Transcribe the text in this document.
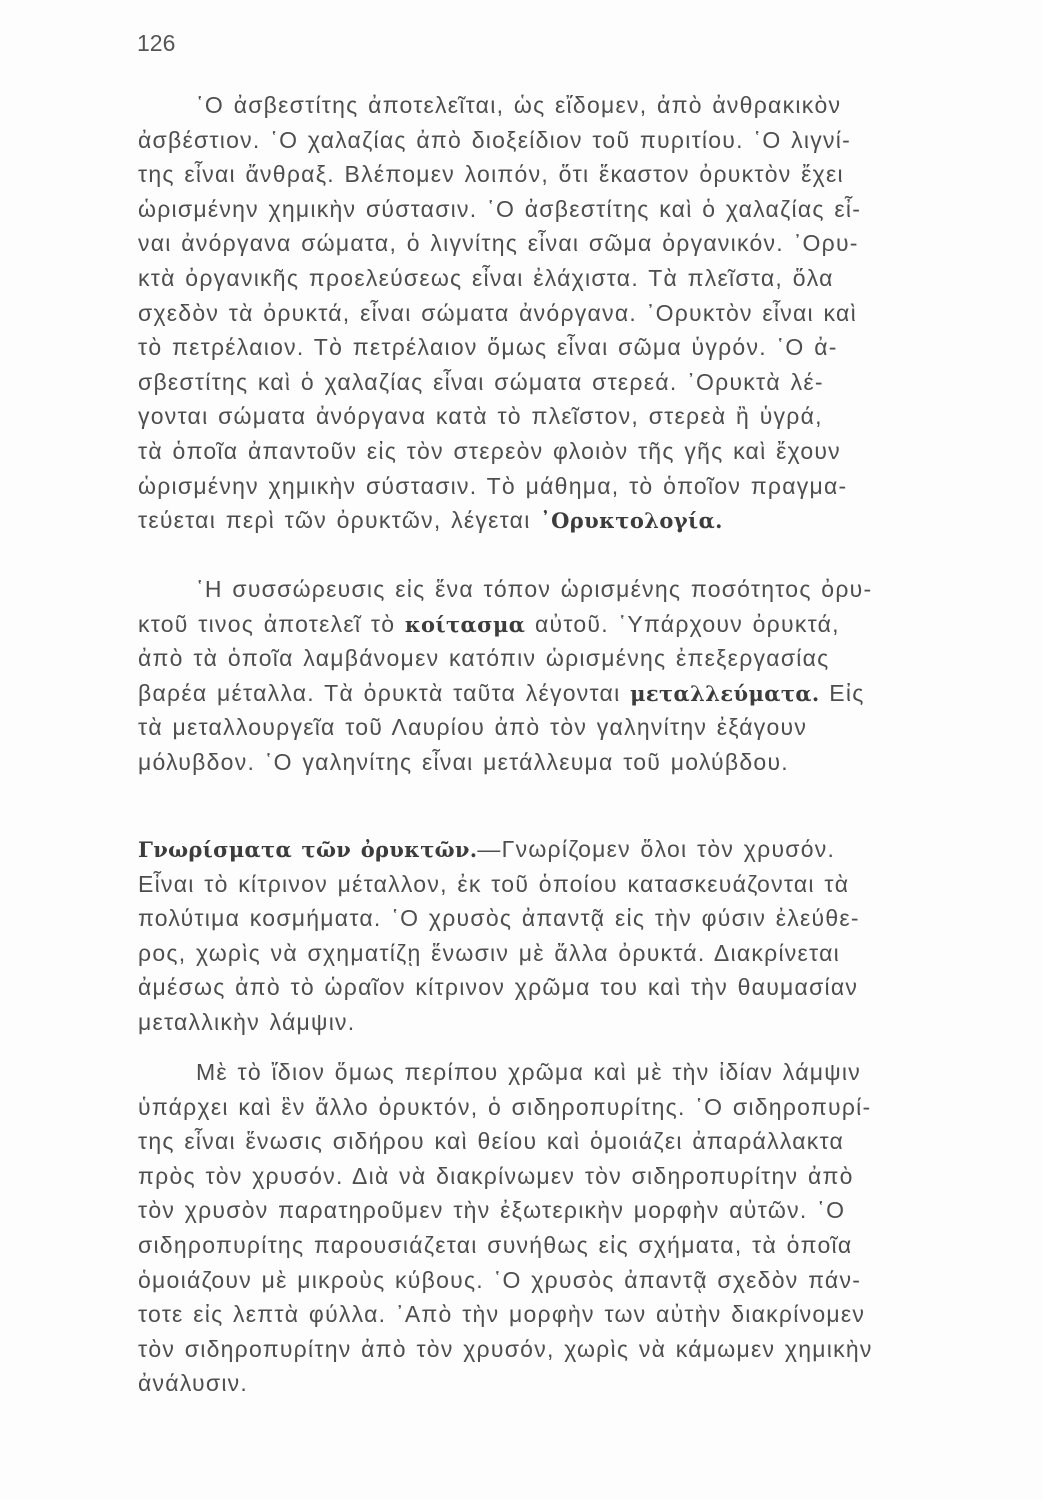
126
῾Ο ἀσβεστίτης ἀποτελεῖται, ὡς εἴδομεν, ἀπὸ ἀνθρακικὸν
ἀσβέστιον. ῾Ο χαλαζίας ἀπὸ διοξείδιον τοῦ πυριτίου. ῾Ο λιγνί-
της εἶναι ἄνθραξ. Βλέπομεν λοιπόν, ὅτι ἕκαστον ὀρυκτὸν ἔχει
ὡρισμένην χημικὴν σύστασιν. ῾Ο ἀσβεστίτης καὶ ὁ χαλαζίας εἶ-
ναι ἀνόργανα σώματα, ὁ λιγνίτης εἶναι σῶμα ὀργανικόν. ᾿Ορυ-
κτὰ ὀργανικῆς προελεύσεως εἶναι ἐλάχιστα. Τὰ πλεῖστα, ὅλα
σχεδὸν τὰ ὀρυκτά, εἶναι σώματα ἀνόργανα. ᾿Ορυκτὸν εἶναι καὶ
τὸ πετρέλαιον. Τὸ πετρέλαιον ὅμως εἶναι σῶμα ὑγρόν. ῾Ο ἀ-
σβεστίτης καὶ ὁ χαλαζίας εἶναι σώματα στερεά. ᾿Ορυκτὰ λέ-
γονται σώματα ἀνόργανα κατὰ τὸ πλεῖστον, στερεὰ ἢ ὑγρά,
τὰ ὁποῖα ἀπαντοῦν εἰς τὸν στερεὸν φλοιὸν τῆς γῆς καὶ ἔχουν
ὡρισμένην χημικὴν σύστασιν. Τὸ μάθημα, τὸ ὁποῖον πραγμα-
τεύεται περὶ τῶν ὀρυκτῶν, λέγεται ᾿Ορυκτολογία.
῾Η συσσώρευσις εἰς ἕνα τόπον ὡρισμένης ποσότητος ὀρυ-
κτοῦ τινος ἀποτελεῖ τὸ κοίτασμα αὐτοῦ. ῾Υπάρχουν ὀρυκτά,
ἀπὸ τὰ ὁποῖα λαμβάνομεν κατόπιν ὡρισμένης ἐπεξεργασίας
βαρέα μέταλλα. Τὰ ὀρυκτὰ ταῦτα λέγονται μεταλλεύματα. Εἰς
τὰ μεταλλουργεῖα τοῦ Λαυρίου ἀπὸ τὸν γαληνίτην ἐξάγουν
μόλυβδον. ῾Ο γαληνίτης εἶναι μετάλλευμα τοῦ μολύβδου.
Γνωρίσματα τῶν ὀρυκτῶν.—Γνωρίζομεν ὅλοι τὸν χρυσόν.
Εἶναι τὸ κίτρινον μέταλλον, ἐκ τοῦ ὁποίου κατασκευάζονται τὰ
πολύτιμα κοσμήματα. ῾Ο χρυσὸς ἀπαντᾷ εἰς τὴν φύσιν ἐλεύθε-
ρος, χωρὶς νὰ σχηματίζῃ ἕνωσιν μὲ ἄλλα ὀρυκτά. Διακρίνεται
ἀμέσως ἀπὸ τὸ ὡραῖον κίτρινον χρῶμα του καὶ τὴν θαυμασίαν
μεταλλικὴν λάμψιν.
Μὲ τὸ ἴδιον ὅμως περίπου χρῶμα καὶ μὲ τὴν ἰδίαν λάμψιν
ὑπάρχει καὶ ἓν ἄλλο ὀρυκτόν, ὁ σιδηροπυρίτης. ῾Ο σιδηροπυρί-
της εἶναι ἕνωσις σιδήρου καὶ θείου καὶ ὁμοιάζει ἀπαράλλακτα
πρὸς τὸν χρυσόν. Διὰ νὰ διακρίνωμεν τὸν σιδηροπυρίτην ἀπὸ
τὸν χρυσὸν παρατηροῦμεν τὴν ἐξωτερικὴν μορφὴν αὐτῶν. ῾Ο
σιδηροπυρίτης παρουσιάζεται συνήθως εἰς σχήματα, τὰ ὁποῖα
ὁμοιάζουν μὲ μικροὺς κύβους. ῾Ο χρυσὸς ἀπαντᾷ σχεδὸν πάν-
τοτε εἰς λεπτὰ φύλλα. ᾿Απὸ τὴν μορφὴν των αὐτὴν διακρίνομεν
τὸν σιδηροπυρίτην ἀπὸ τὸν χρυσόν, χωρὶς νὰ κάμωμεν χημικὴν
ἀνάλυσιν.
